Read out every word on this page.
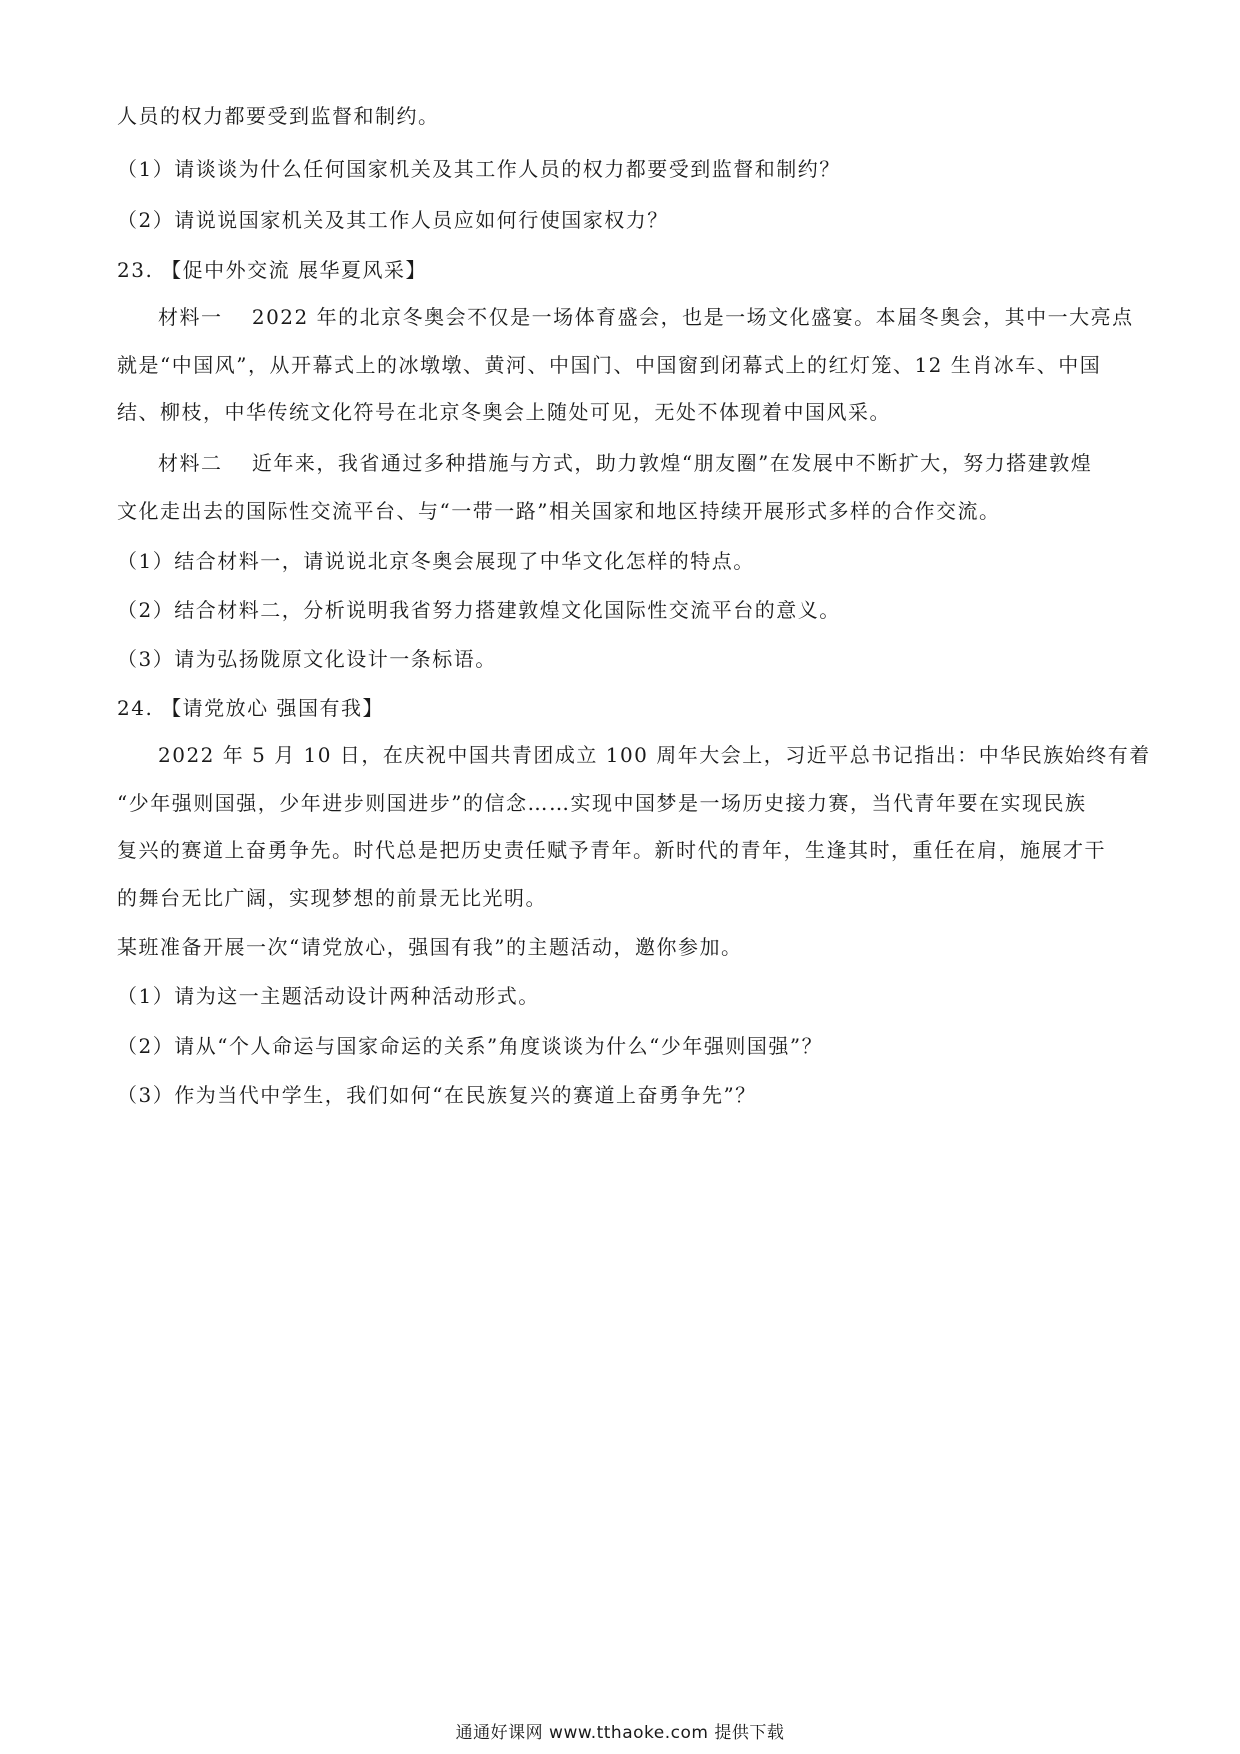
人员的权力都要受到监督和制约。
（1）请谈谈为什么任何国家机关及其工作人员的权力都要受到监督和制约？
（2）请说说国家机关及其工作人员应如何行使国家权力？
23. 【促中外交流 展华夏风采】
材料一　 2022 年的北京冬奥会不仅是一场体育盛会，也是一场文化盛宴。本届冬奥会，其中一大亮点
就是“中国风”，从开幕式上的冰墩墩、黄河、中国门、中国窗到闭幕式上的红灯笼、12 生肖冰车、中国
结、柳枝，中华传统文化符号在北京冬奥会上随处可见，无处不体现着中国风采。
材料二　 近年来，我省通过多种措施与方式，助力敦煌“朋友圈”在发展中不断扩大，努力搭建敦煌
文化走出去的国际性交流平台、与“一带一路”相关国家和地区持续开展形式多样的合作交流。
（1）结合材料一，请说说北京冬奥会展现了中华文化怎样的特点。
（2）结合材料二，分析说明我省努力搭建敦煌文化国际性交流平台的意义。
（3）请为弘扬陇原文化设计一条标语。
24. 【请党放心 强国有我】
2022 年 5 月 10 日，在庆祝中国共青团成立 100 周年大会上，习近平总书记指出：中华民族始终有着
“少年强则国强，少年进步则国进步”的信念……实现中国梦是一场历史接力赛，当代青年要在实现民族
复兴的赛道上奋勇争先。时代总是把历史责任赋予青年。新时代的青年，生逢其时，重任在肩，施展才干
的舞台无比广阔，实现梦想的前景无比光明。
某班准备开展一次“请党放心，强国有我”的主题活动，邀你参加。
（1）请为这一主题活动设计两种活动形式。
（2）请从“个人命运与国家命运的关系”角度谈谈为什么“少年强则国强”？
（3）作为当代中学生，我们如何“在民族复兴的赛道上奋勇争先”？
通通好课网 www.tthaoke.com 提供下载
